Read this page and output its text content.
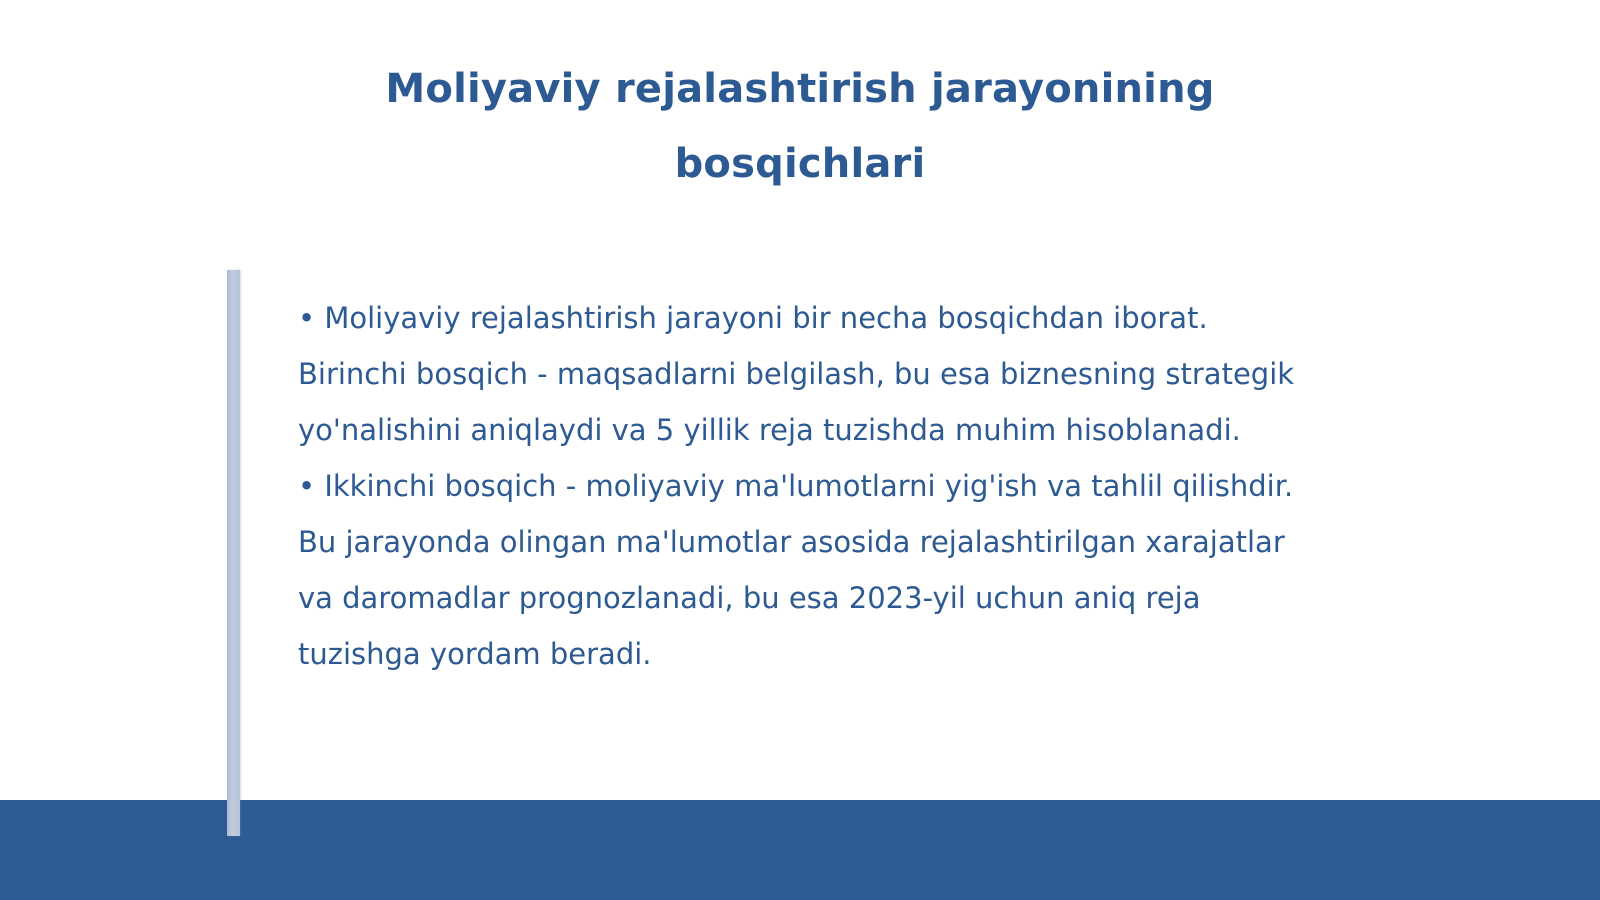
Moliyaviy rejalashtirish jarayonining bosqichlari

• Moliyaviy rejalashtirish jarayoni bir necha bosqichdan iborat.
Birinchi bosqich - maqsadlarni belgilash, bu esa biznesning strategik
yo'nalishini aniqlaydi va 5 yillik reja tuzishda muhim hisoblanadi.
• Ikkinchi bosqich - moliyaviy ma'lumotlarni yig'ish va tahlil qilishdir.
Bu jarayonda olingan ma'lumotlar asosida rejalashtirilgan xarajatlar
va daromadlar prognozlanadi, bu esa 2023-yil uchun aniq reja
tuzishga yordam beradi.
